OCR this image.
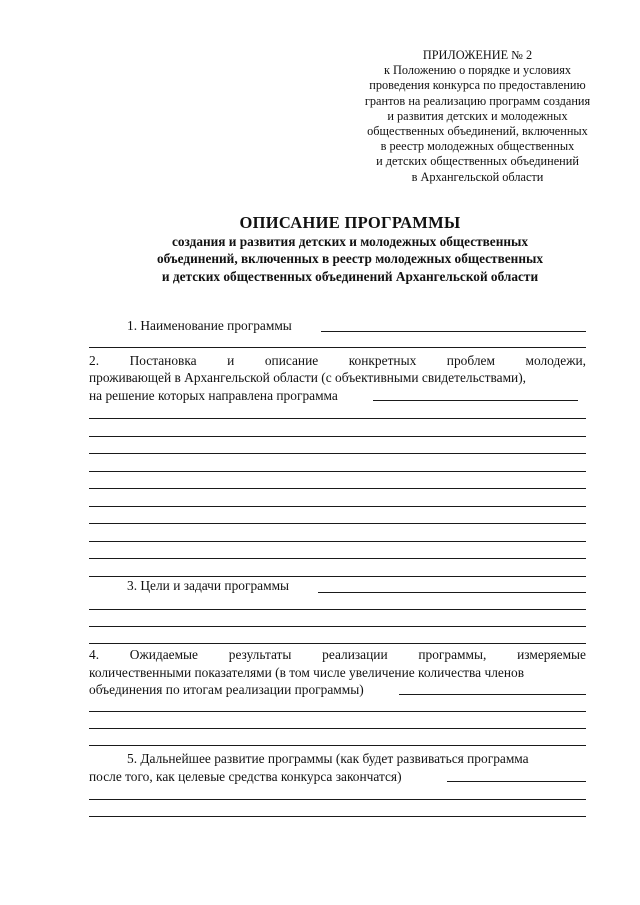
ПРИЛОЖЕНИЕ № 2
к Положению о порядке и условиях
проведения конкурса по предоставлению
грантов на реализацию программ создания
и развития детских и молодежных
общественных объединений, включенных
в реестр молодежных общественных
и детских общественных объединений
в Архангельской области
ОПИСАНИЕ ПРОГРАММЫ
создания и развития детских и молодежных общественных
объединений, включенных в реестр молодежных общественных
и детских общественных объединений Архангельской области
1. Наименование программы
2. Постановка и описание конкретных проблем молодежи,
проживающей в Архангельской области (с объективными свидетельствами),
на решение которых направлена программа
3. Цели и задачи программы
4. Ожидаемые результаты реализации программы, измеряемые
количественными показателями (в том числе увеличение количества членов
объединения по итогам реализации программы)
5. Дальнейшее развитие программы (как будет развиваться программа
после того, как целевые средства конкурса закончатся)
